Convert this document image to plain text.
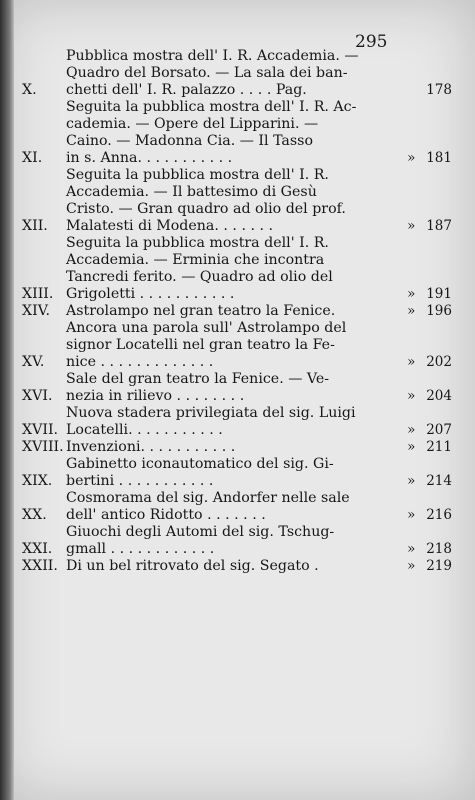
295
X.
Pubblica mostra dell' I. R. Accademia. —
Quadro del Borsato. — La sala dei ban-
chetti dell' I. R. palazzo . . . . Pag.	178
XI.
Seguita la pubblica mostra dell' I. R. Ac-
cademia. — Opere del Lipparini. —
Caino. — Madonna Cia. — Il Tasso
in s. Anna. . . . . . . . . . .	» 181
XII.
Seguita la pubblica mostra dell' I. R.
Accademia. — Il battesimo di Gesù
Cristo. — Gran quadro ad olio del prof.
Malatesti di Modena. . . . . . .	» 187
XIII.
Seguita la pubblica mostra dell' I. R.
Accademia. — Erminia che incontra
Tancredi ferito. — Quadro ad olio del
Grigoletti . . . . . . . . . . .	» 191
XIV.	Astrolampo nel gran teatro la Fenice.	» 196
XV.
Ancora una parola sull' Astrolampo del
signor Locatelli nel gran teatro la Fe-
nice . . . . . . . . . . . . .	» 202
XVI.
Sale del gran teatro la Fenice. — Ve-
nezia in rilievo . . . . . . . .	» 204
XVII.
Nuova stadera privilegiata del sig. Luigi
Locatelli. . . . . . . . . . .	» 207
XVIII. Invenzioni. . . . . . . . . . .	» 211
XIX.
Gabinetto iconautomatico del sig. Gi-
bertini . . . . . . . . . . .	» 214
XX.
Cosmorama del sig. Andorfer nelle sale
dell' antico Ridotto . . . . . . .	» 216
XXI.
Giuochi degli Automi del sig. Tschug-
gmall . . . . . . . . . . . .	» 218
XXII. Di un bel ritrovato del sig. Segato .	» 219
